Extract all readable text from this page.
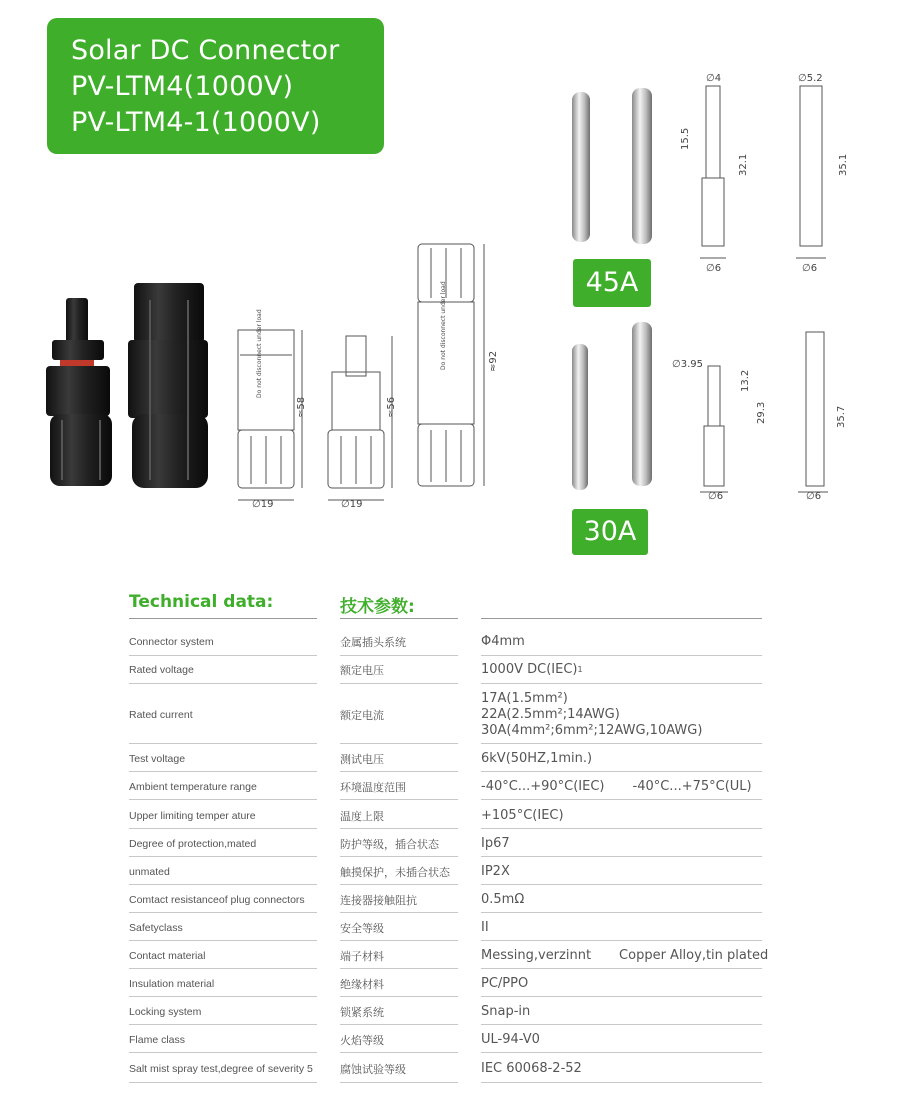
Solar DC Connector
PV-LTM4(1000V)
PV-LTM4-1(1000V)
∅19	∅19
≈58	≈56
≈92
∅4	∅5.2
∅6	∅6
15.5
32.1	35.1
∅3.95
∅6	∅6
13.2
29.3	35.7
Do not disconnect under load	Do not disconnect under load	45A
30A
Technical data:	技术参数:
Connector system	金属插头系统	Φ4mm
Rated voltage	额定电压	1000V DC(IEC) 1
Rated current	额定电流
17A(1.5mm²)
22A(2.5mm²;14AWG)
30A(4mm²;6mm²;12AWG,10AWG)
Test voltage	测试电压	6kV(50HZ,1min.)
Ambient temperature range	环境温度范围	-40°C...+90°C(IEC) -40°C...+75°C(UL)
Upper limiting temper ature	温度上限	+105°C(IEC)
Degree of protection,mated	防护等级，插合状态	Ip67
unmated	触摸保护，未插合状态	IP2X
Comtact resistanceof plug connectors	连接器接触阻抗	0.5mΩ
Safetyclass	安全等级	II
Contact material	端子材料	Messing,verzinnt Copper Alloy,tin plated
Insulation material	绝缘材料	PC/PPO
Locking system	锁紧系统	Snap-in
Flame class	火焰等级	UL-94-V0
Salt mist spray test,degree of severity 5	腐蚀试验等级	IEC 60068-2-52
